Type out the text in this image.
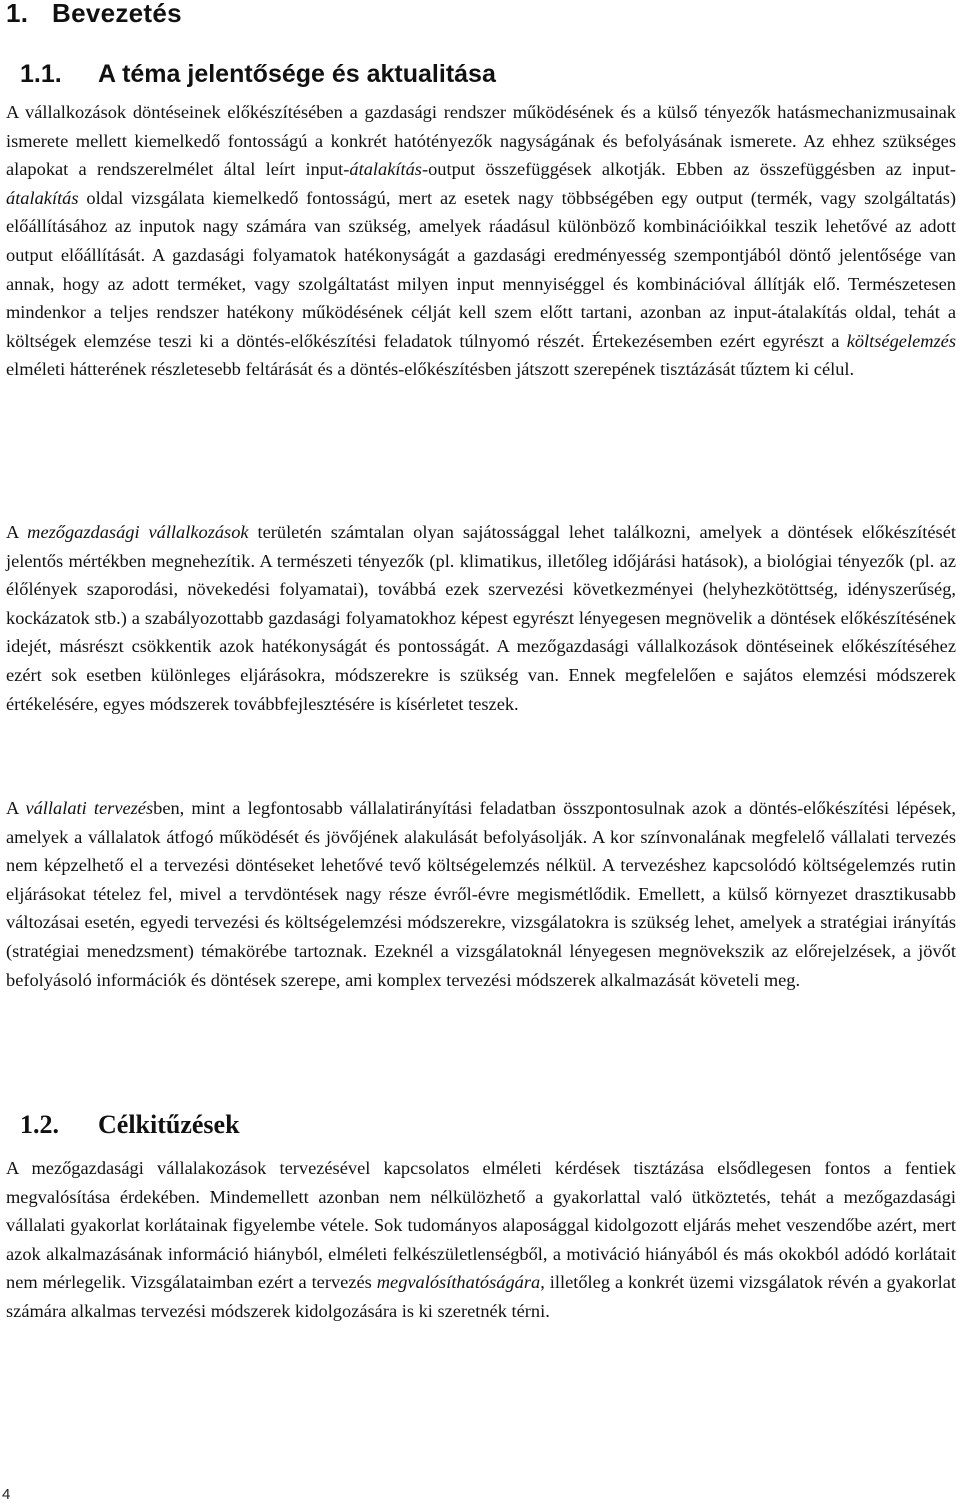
1. Bevezetés
1.1. A téma jelentősége és aktualitása

A vállalkozások döntéseinek előkészítésében a gazdasági rendszer működésének és a külső tényezők hatásmechanizmusainak ismerete mellett kiemelkedő fontosságú a konkrét hatótényezők nagyságának és befolyásának ismerete. Az ehhez szükséges alapokat a rendszerelmélet által leírt input-átalakítás-output összefüggések alkotják. Ebben az összefüggésben az input-átalakítás oldal vizsgálata kiemelkedő fontosságú, mert az esetek nagy többségében egy output (termék, vagy szolgáltatás) előállításához az inputok nagy számára van szükség, amelyek ráadásul különböző kombinációikkal teszik lehetővé az adott output előállítását. A gazdasági folyamatok hatékonyságát a gazdasági eredményesség szempontjából döntő jelentősége van annak, hogy az adott terméket, vagy szolgáltatást milyen input mennyiséggel és kombinációval állítják elő. Természetesen mindenkor a teljes rendszer hatékony működésének célját kell szem előtt tartani, azonban az input-átalakítás oldal, tehát a költségek elemzése teszi ki a döntés-előkészítési feladatok túlnyomó részét. Értekezésemben ezért egyrészt a költségelemzés elméleti hátterének részletesebb feltárását és a döntés-előkészítésben játszott szerepének tisztázását tűztem ki célul.

A mezőgazdasági vállalkozások területén számtalan olyan sajátossággal lehet találkozni, amelyek a döntések előkészítését jelentős mértékben megnehezítik. A természeti tényezők (pl. klimatikus, illetőleg időjárási hatások), a biológiai tényezők (pl. az élőlények szaporodási, növekedési folyamatai), továbbá ezek szervezési következményei (helyhezkötöttség, idényszerűség, kockázatok stb.) a szabályozottabb gazdasági folyamatokhoz képest egyrészt lényegesen megnövelik a döntések előkészítésének idejét, másrészt csökkentik azok hatékonyságát és pontosságát. A mezőgazdasági vállalkozások döntéseinek előkészítéséhez ezért sok esetben különleges eljárásokra, módszerekre is szükség van. Ennek megfelelően e sajátos elemzési módszerek értékelésére, egyes módszerek továbbfejlesztésére is kísérletet teszek.

A vállalati tervezésben, mint a legfontosabb vállalatirányítási feladatban összpontosulnak azok a döntés-előkészítési lépések, amelyek a vállalatok átfogó működését és jövőjének alakulását befolyásolják. A kor színvonalának megfelelő vállalati tervezés nem képzelhető el a tervezési döntéseket lehetővé tevő költségelemzés nélkül. A tervezéshez kapcsolódó költségelemzés rutin eljárásokat tételez fel, mivel a tervdöntések nagy része évről-évre megismétlődik. Emellett, a külső környezet drasztikusabb változásai esetén, egyedi tervezési és költségelemzési módszerekre, vizsgálatokra is szükség lehet, amelyek a stratégiai irányítás (stratégiai menedzsment) témakörébe tartoznak. Ezeknél a vizsgálatoknál lényegesen megnövekszik az előrejelzések, a jövőt befolyásoló információk és döntések szerepe, ami komplex tervezési módszerek alkalmazását követeli meg.

1.2. Célkitűzések

A mezőgazdasági vállalakozások tervezésével kapcsolatos elméleti kérdések tisztázása elsődlegesen fontos a fentiek megvalósítása érdekében. Mindemellett azonban nem nélkülözhető a gyakorlattal való ütköztetés, tehát a mezőgazdasági vállalati gyakorlat korlátainak figyelembe vétele. Sok tudományos alaposággal kidolgozott eljárás mehet veszendőbe azért, mert azok alkalmazásának információ hiányból, elméleti felkészületlenségből, a motiváció hiányából és más okokból adódó korlátait nem mérlegelik. Vizsgálataimban ezért a tervezés megvalósíthatóságára, illetőleg a konkrét üzemi vizsgálatok révén a gyakorlat számára alkalmas tervezési módszerek kidolgozására is ki szeretnék térni.

4
